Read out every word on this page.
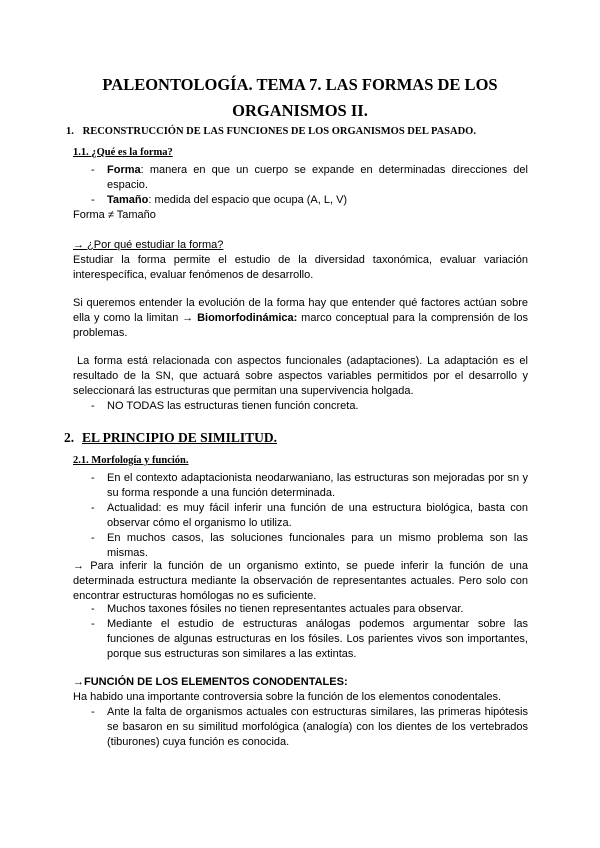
PALEONTOLOGÍA. TEMA 7. LAS FORMAS DE LOS
ORGANISMOS II.
1. RECONSTRUCCIÓN DE LAS FUNCIONES DE LOS ORGANISMOS DEL PASADO.
1.1. ¿Qué es la forma?
- Forma: manera en que un cuerpo se expande en determinadas direcciones del espacio.
- Tamaño: medida del espacio que ocupa (A, L, V)
Forma ≠ Tamaño
→ ¿Por qué estudiar la forma?
Estudiar la forma permite el estudio de la diversidad taxonómica, evaluar variación interespecífica, evaluar fenómenos de desarrollo.
Si queremos entender la evolución de la forma hay que entender qué factores actúan sobre ella y como la limitan → Biomorfodinámica: marco conceptual para la comprensión de los problemas.
La forma está relacionada con aspectos funcionales (adaptaciones). La adaptación es el resultado de la SN, que actuará sobre aspectos variables permitidos por el desarrollo y seleccionará las estructuras que permitan una supervivencia holgada.
- NO TODAS las estructuras tienen función concreta.
2. EL PRINCIPIO DE SIMILITUD.
2.1. Morfología y función.
- En el contexto adaptacionista neodarwaniano, las estructuras son mejoradas por sn y su forma responde a una función determinada.
- Actualidad: es muy fácil inferir una función de una estructura biológica, basta con observar cómo el organismo lo utiliza.
- En muchos casos, las soluciones funcionales para un mismo problema son las mismas.
→ Para inferir la función de un organismo extinto, se puede inferir la función de una determinada estructura mediante la observación de representantes actuales. Pero solo con encontrar estructuras homólogas no es suficiente.
- Muchos taxones fósiles no tienen representantes actuales para observar.
- Mediante el estudio de estructuras análogas podemos argumentar sobre las funciones de algunas estructuras en los fósiles. Los parientes vivos son importantes, porque sus estructuras son similares a las extintas.
→FUNCIÓN DE LOS ELEMENTOS CONODENTALES:
Ha habido una importante controversia sobre la función de los elementos conodentales.
- Ante la falta de organismos actuales con estructuras similares, las primeras hipótesis se basaron en su similitud morfológica (analogía) con los dientes de los vertebrados (tiburones) cuya función es conocida.
